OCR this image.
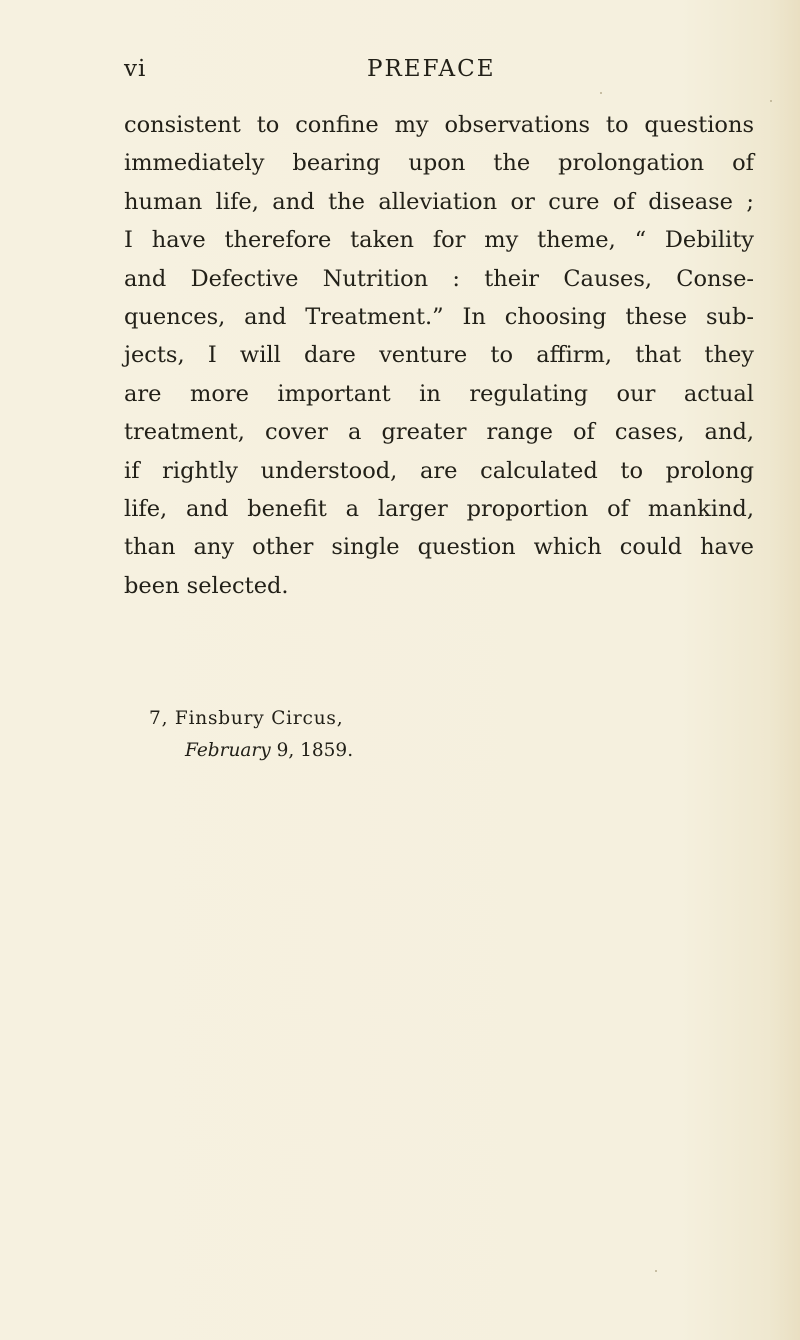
vi	PREFACE
consistent to confine my observations to questions
immediately bearing upon the prolongation of
human life, and the alleviation or cure of disease ;
I have therefore taken for my theme, “ Debility
and Defective Nutrition : their Causes, Conse-
quences, and Treatment.” In choosing these sub-
jects, I will dare venture to affirm, that they
are more important in regulating our actual
treatment, cover a greater range of cases, and,
if rightly understood, are calculated to prolong
life, and benefit a larger proportion of mankind,
than any other single question which could have
been selected.
7, Finsbury Circus,
February 9, 1859.
